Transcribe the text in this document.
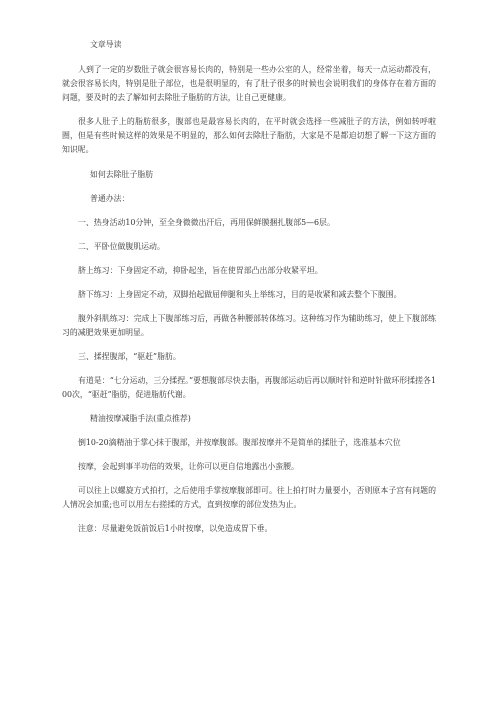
文章导读

人到了一定的岁数肚子就会很容易长肉的，特别是一些办公室的人，经常坐着，每天一点运动都没有，就会很容易长肉，特别是肚子部位，也是很明显的，有了肚子很多的时候也会说明我们的身体存在着方面的问题，要及时的去了解如何去除肚子脂肪的方法，让自己更健康。

很多人肚子上的脂肪很多，腹部也是最容易长肉的，在平时就会选择一些减肚子的方法，例如转呼啦圈，但是有些时候这样的效果是不明显的，那么如何去除肚子脂肪，大家是不是都迫切想了解一下这方面的知识呢。

如何去除肚子脂肪

普通办法：

一、热身活动10分钟，至全身微微出汗后，再用保鲜膜捆扎腹部5—6层。

二、平卧位做腹肌运动。

脐上练习：下身固定不动，抑卧起坐，旨在使胃部凸出部分收紧平坦。

脐下练习：上身固定不动，双脚抬起做屈伸腿和头上举练习，目的是收紧和减去整个下腹围。

腹外斜肌练习：完成上下腹部练习后，再做各种腰部转体练习。这种练习作为辅助练习，使上下腹部练习的减肥效果更加明显。

三、揉捏腹部，“驱赶”脂肪。

有道是：“七分运动，三分揉捏。”要想腹部尽快去脂，再腹部运动后再以顺时针和逆时针做环形揉搓各100次，“驱赶”脂肪，促进脂肪代谢。

精油按摩减脂手法(重点推荐)

倒10-20滴精油于掌心抹于腹部，并按摩腹部。腹部按摩并不是简单的揉肚子，选准基本穴位

按摩，会起到事半功倍的效果，让你可以更自信地露出小蛮腰。

可以往上以螺旋方式拍打，之后使用手掌按摩腹部即可。往上拍打时力量要小，否则原本子宫有问题的人情况会加重;也可以用左右搓揉的方式，直到按摩的部位发热为止。

注意：尽量避免饭前饭后1小时按摩，以免造成胃下垂。
